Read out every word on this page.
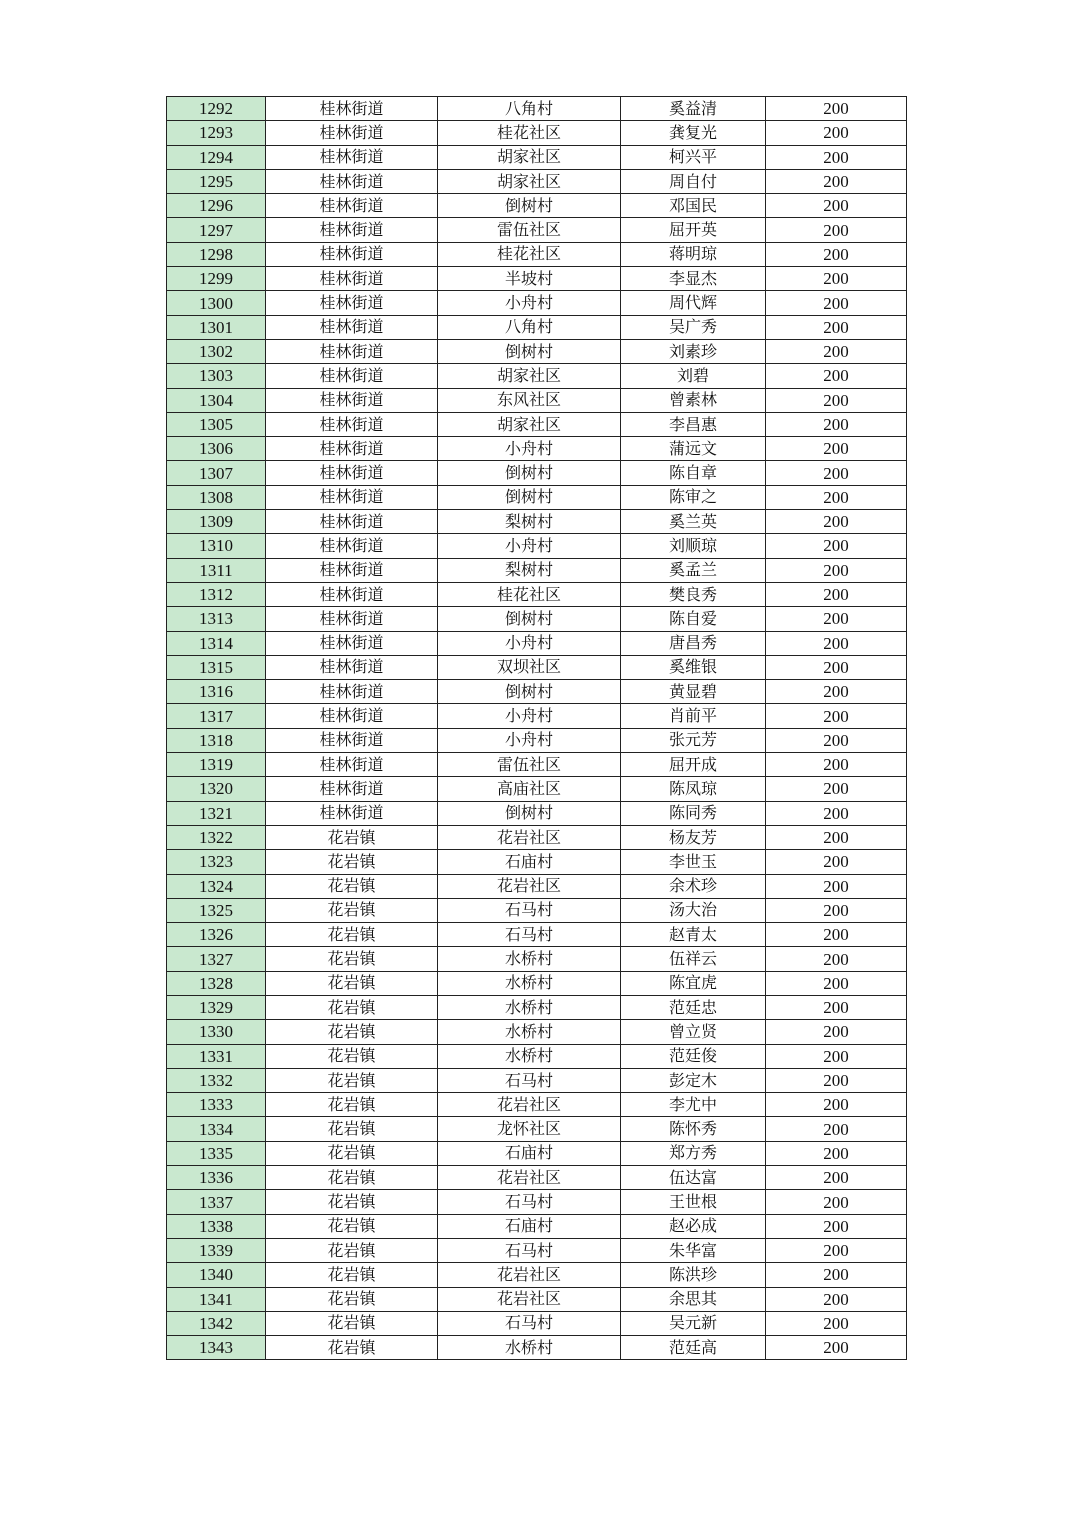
1292	桂林街道	八角村	奚益清	200
1293	桂林街道	桂花社区	龚复光	200
1294	桂林街道	胡家社区	柯兴平	200
1295	桂林街道	胡家社区	周自付	200
1296	桂林街道	倒树村	邓国民	200
1297	桂林街道	雷伍社区	屈开英	200
1298	桂林街道	桂花社区	蒋明琼	200
1299	桂林街道	半坡村	李显杰	200
1300	桂林街道	小舟村	周代辉	200
1301	桂林街道	八角村	吴广秀	200
1302	桂林街道	倒树村	刘素珍	200
1303	桂林街道	胡家社区	刘碧	200
1304	桂林街道	东风社区	曾素林	200
1305	桂林街道	胡家社区	李昌惠	200
1306	桂林街道	小舟村	蒲远文	200
1307	桂林街道	倒树村	陈自章	200
1308	桂林街道	倒树村	陈审之	200
1309	桂林街道	梨树村	奚兰英	200
1310	桂林街道	小舟村	刘顺琼	200
1311	桂林街道	梨树村	奚孟兰	200
1312	桂林街道	桂花社区	樊良秀	200
1313	桂林街道	倒树村	陈自爱	200
1314	桂林街道	小舟村	唐昌秀	200
1315	桂林街道	双坝社区	奚维银	200
1316	桂林街道	倒树村	黄显碧	200
1317	桂林街道	小舟村	肖前平	200
1318	桂林街道	小舟村	张元芳	200
1319	桂林街道	雷伍社区	屈开成	200
1320	桂林街道	高庙社区	陈凤琼	200
1321	桂林街道	倒树村	陈同秀	200
1322	花岩镇	花岩社区	杨友芳	200
1323	花岩镇	石庙村	李世玉	200
1324	花岩镇	花岩社区	余术珍	200
1325	花岩镇	石马村	汤大治	200
1326	花岩镇	石马村	赵青太	200
1327	花岩镇	水桥村	伍祥云	200
1328	花岩镇	水桥村	陈宜虎	200
1329	花岩镇	水桥村	范廷忠	200
1330	花岩镇	水桥村	曾立贤	200
1331	花岩镇	水桥村	范廷俊	200
1332	花岩镇	石马村	彭定木	200
1333	花岩镇	花岩社区	李尤中	200
1334	花岩镇	龙怀社区	陈怀秀	200
1335	花岩镇	石庙村	郑方秀	200
1336	花岩镇	花岩社区	伍达富	200
1337	花岩镇	石马村	王世根	200
1338	花岩镇	石庙村	赵必成	200
1339	花岩镇	石马村	朱华富	200
1340	花岩镇	花岩社区	陈洪珍	200
1341	花岩镇	花岩社区	余思其	200
1342	花岩镇	石马村	吴元新	200
1343	花岩镇	水桥村	范廷高	200
